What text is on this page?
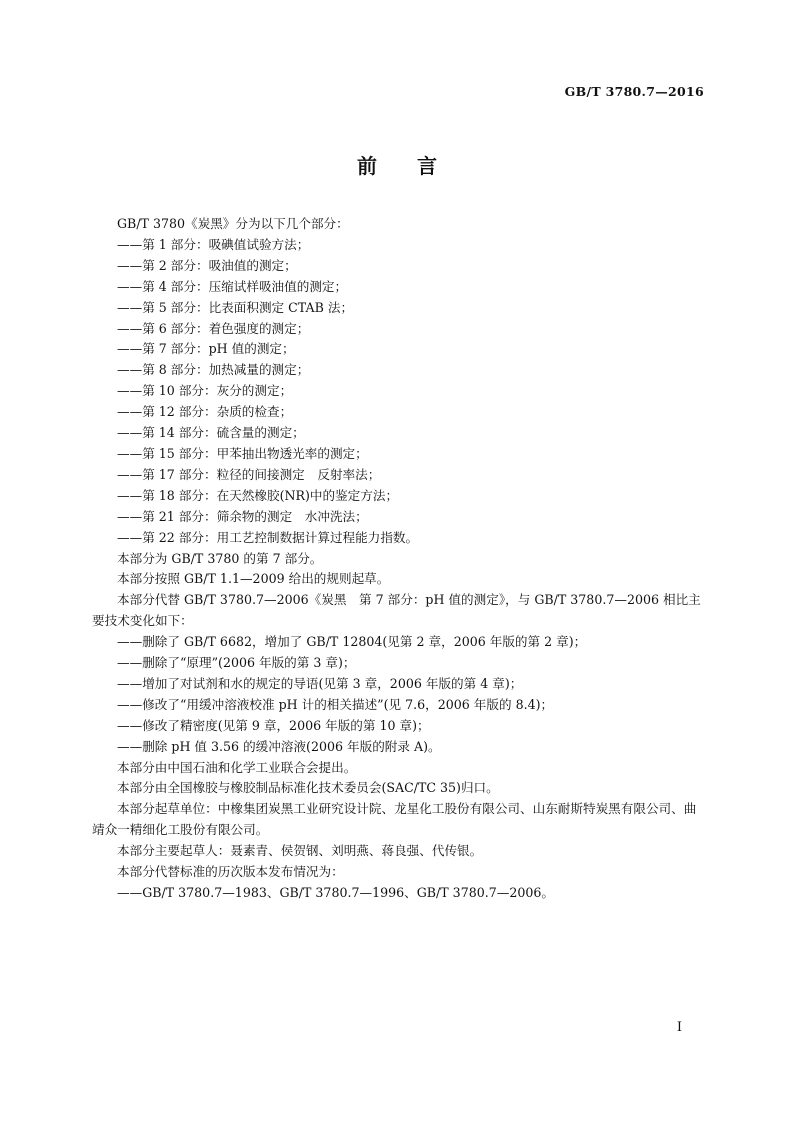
GB/T 3780.7—2016
前 言

GB/T 3780《炭黑》分为以下几个部分：

——第 1 部分：吸碘值试验方法；

——第 2 部分：吸油值的测定；

——第 4 部分：压缩试样吸油值的测定；

——第 5 部分：比表面积测定 CTAB 法；

——第 6 部分：着色强度的测定；

——第 7 部分：pH 值的测定；

——第 8 部分：加热减量的测定；

——第 10 部分：灰分的测定；

——第 12 部分：杂质的检查；

——第 14 部分：硫含量的测定；

——第 15 部分：甲苯抽出物透光率的测定；

——第 17 部分：粒径的间接测定　反射率法；

——第 18 部分：在天然橡胶(NR)中的鉴定方法；

——第 21 部分：筛余物的测定　水冲洗法；

——第 22 部分：用工艺控制数据计算过程能力指数。

本部分为 GB/T 3780 的第 7 部分。

本部分按照 GB/T 1.1—2009 给出的规则起草。

本部分代替 GB/T 3780.7—2006《炭黑　第 7 部分：pH 值的测定》，与 GB/T 3780.7—2006 相比主要技术变化如下：

——删除了 GB/T 6682，增加了 GB/T 12804(见第 2 章，2006 年版的第 2 章)；

——删除了“原理”(2006 年版的第 3 章)；

——增加了对试剂和水的规定的导语(见第 3 章，2006 年版的第 4 章)；

——修改了“用缓冲溶液校准 pH 计的相关描述”(见 7.6，2006 年版的 8.4)；

——修改了精密度(见第 9 章，2006 年版的第 10 章)；

——删除 pH 值 3.56 的缓冲溶液(2006 年版的附录 A)。

本部分由中国石油和化学工业联合会提出。

本部分由全国橡胶与橡胶制品标准化技术委员会(SAC/TC 35)归口。

本部分起草单位：中橡集团炭黑工业研究设计院、龙星化工股份有限公司、山东耐斯特炭黑有限公司、曲靖众一精细化工股份有限公司。

本部分主要起草人：聂素青、侯贺钢、刘明燕、蒋良强、代传银。

本部分代替标准的历次版本发布情况为：

——GB/T 3780.7—1983、GB/T 3780.7—1996、GB/T 3780.7—2006。

I
